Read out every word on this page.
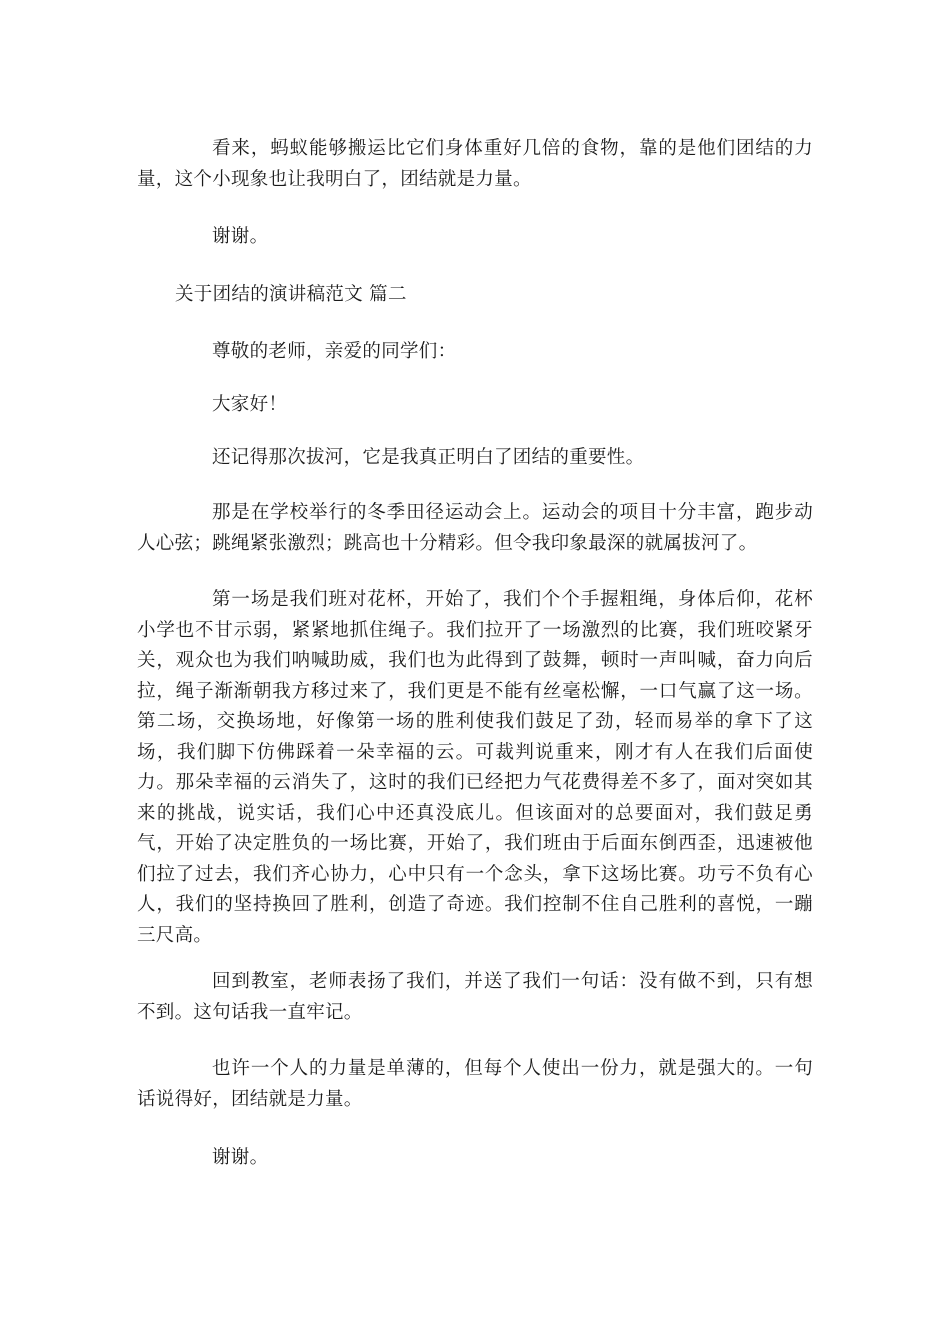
看来，蚂蚁能够搬运比它们身体重好几倍的食物，靠的是他们团结的力量，这个小现象也让我明白了，团结就是力量。

谢谢。

关于团结的演讲稿范文 篇二

尊敬的老师，亲爱的同学们：

大家好！

还记得那次拔河，它是我真正明白了团结的重要性。

那是在学校举行的冬季田径运动会上。运动会的项目十分丰富，跑步动人心弦；跳绳紧张激烈；跳高也十分精彩。但令我印象最深的就属拔河了。

第一场是我们班对花杯，开始了，我们个个手握粗绳，身体后仰，花杯小学也不甘示弱，紧紧地抓住绳子。我们拉开了一场激烈的比赛，我们班咬紧牙关，观众也为我们呐喊助威，我们也为此得到了鼓舞，顿时一声叫喊，奋力向后拉，绳子渐渐朝我方移过来了，我们更是不能有丝毫松懈，一口气赢了这一场。第二场，交换场地，好像第一场的胜利使我们鼓足了劲，轻而易举的拿下了这场，我们脚下仿佛踩着一朵幸福的云。可裁判说重来，刚才有人在我们后面使力。那朵幸福的云消失了，这时的我们已经把力气花费得差不多了，面对突如其来的挑战，说实话，我们心中还真没底儿。但该面对的总要面对，我们鼓足勇气，开始了决定胜负的一场比赛，开始了，我们班由于后面东倒西歪，迅速被他们拉了过去，我们齐心协力，心中只有一个念头，拿下这场比赛。功亏不负有心人，我们的坚持换回了胜利，创造了奇迹。我们控制不住自己胜利的喜悦，一蹦三尺高。

回到教室，老师表扬了我们，并送了我们一句话：没有做不到，只有想不到。这句话我一直牢记。

也许一个人的力量是单薄的，但每个人使出一份力，就是强大的。一句话说得好，团结就是力量。

谢谢。
